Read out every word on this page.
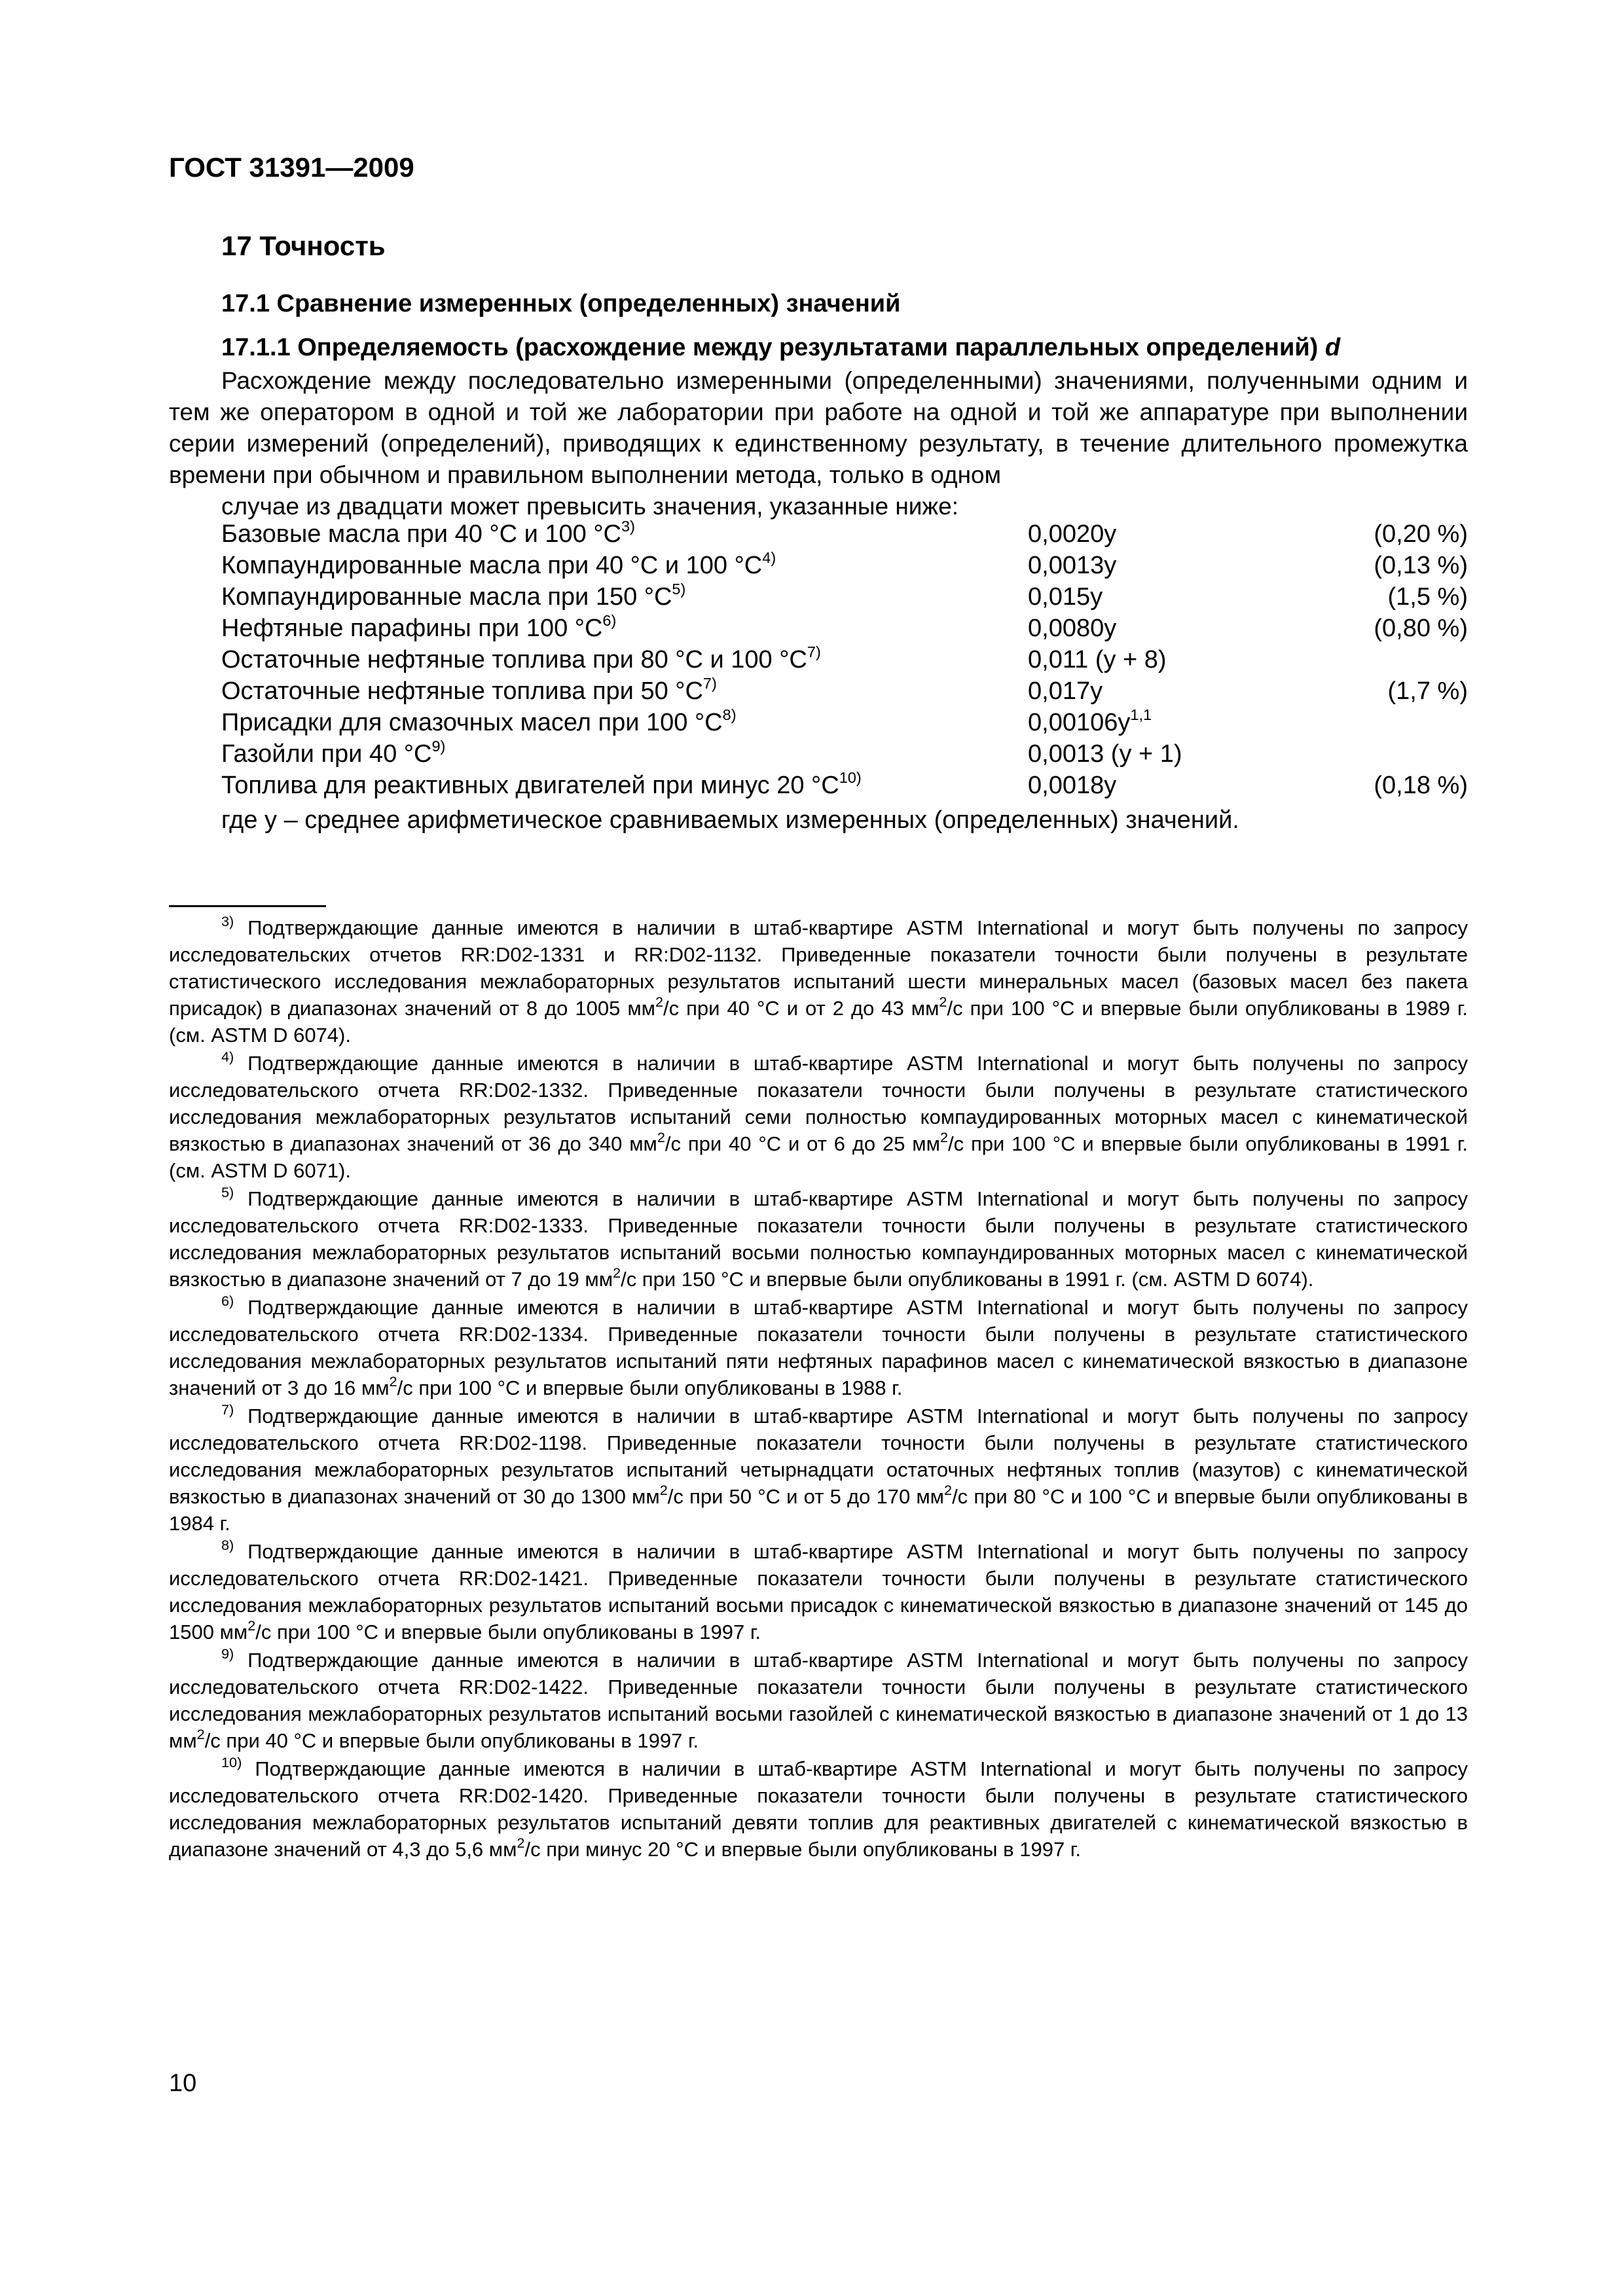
ГОСТ 31391—2009

17 Точность
17.1 Сравнение измеренных (определенных) значений
17.1.1 Определяемость (расхождение между результатами параллельных определений) d

Расхождение между последовательно измеренными (определенными) значениями, полученными одним и тем же оператором в одной и той же лаборатории при работе на одной и той же аппаратуре при выполнении серии измерений (определений), приводящих к единственному результату, в течение длительного промежутка времени при обычном и правильном выполнении метода, только в одном
случае из двадцати может превысить значения, указанные ниже:

Базовые масла при 40 °С и 100 $^\circ С^{3)}$	0,0020y	(0,20 %)
Компаундированные масла при 40 °С и 100 $^\circ С^{4)}$	0,0013y	(0,13 %)
Компаундированные масла при 150 $^\circ С^{5)}$	0,015y	(1,5 %)
Нефтяные парафины при 100 $^\circ С^{6)}$	0,0080y	(0,80 %)
Остаточные нефтяные топлива при 80 °С и 100 $^\circ С^{7)}$	0,011 (y + 8)	
Остаточные нефтяные топлива при 50 $^\circ С^{7)}$	0,017y	(1,7 %)
Присадки для смазочных масел при 100 $^\circ С^{8)}$	$0,00106y^{1,1}$	
Газойли при 40 $^\circ С^{9)}$	0,0013 (y + 1)	
Топлива для реактивных двигателей при минус 20 $^\circ С^{10)}$	0,0018y	(0,18 %)

где y – среднее арифметическое сравниваемых измеренных (определенных) значений.

$^{3)}$ Подтверждающие данные имеются в наличии в штаб-квартире ASTM International и могут быть получены по запросу исследовательских отчетов RR:D02-1331 и RR:D02-1132. Приведенные показатели точности были получены в результате статистического исследования межлабораторных результатов испытаний шести минеральных масел (базовых масел без пакета присадок) в диапазонах значений от 8 до 1005 $мм^2/с$ при 40 °С и от 2 до 43 $мм^2/с$ при 100 °С и впервые были опубликованы в 1989 г. (см. ASTM D 6074).

$^{4)}$ Подтверждающие данные имеются в наличии в штаб-квартире ASTM International и могут быть получены по запросу исследовательского отчета RR:D02-1332. Приведенные показатели точности были получены в результате статистического исследования межлабораторных результатов испытаний семи полностью компаудированных моторных масел с кинематической вязкостью в диапазонах значений от 36 до 340 $мм^2/с$ при 40 °С и от 6 до 25 $мм^2/с$ при 100 °С и впервые были опубликованы в 1991 г. (см. ASTM D 6071).

$^{5)}$ Подтверждающие данные имеются в наличии в штаб-квартире ASTM International и могут быть получены по запросу исследовательского отчета RR:D02-1333. Приведенные показатели точности были получены в результате статистического исследования межлабораторных результатов испытаний восьми полностью компаундированных моторных масел с кинематической вязкостью в диапазоне значений от 7 до 19 $мм^2/с$ при 150 °С и впервые были опубликованы в 1991 г. (см. ASTM D 6074).

$^{6)}$ Подтверждающие данные имеются в наличии в штаб-квартире ASTM International и могут быть получены по запросу исследовательского отчета RR:D02-1334. Приведенные показатели точности были получены в результате статистического исследования межлабораторных результатов испытаний пяти нефтяных парафинов масел с кинематической вязкостью в диапазоне значений от 3 до 16 $мм^2/с$ при 100 °С и впервые были опубликованы в 1988 г.

$^{7)}$ Подтверждающие данные имеются в наличии в штаб-квартире ASTM International и могут быть получены по запросу исследовательского отчета RR:D02-1198. Приведенные показатели точности были получены в результате статистического исследования межлабораторных результатов испытаний четырнадцати остаточных нефтяных топлив (мазутов) с кинематической вязкостью в диапазонах значений от 30 до 1300 $мм^2/с$ при 50 °С и от 5 до 170 $мм^2/с$ при 80 °С и 100 °С и впервые были опубликованы в 1984 г.

$^{8)}$ Подтверждающие данные имеются в наличии в штаб-квартире ASTM International и могут быть получены по запросу исследовательского отчета RR:D02-1421. Приведенные показатели точности были получены в результате статистического исследования межлабораторных результатов испытаний восьми присадок с кинематической вязкостью в диапазоне значений от 145 до 1500 $мм^2/с$ при 100 °С и впервые были опубликованы в 1997 г.

$^{9)}$ Подтверждающие данные имеются в наличии в штаб-квартире ASTM International и могут быть получены по запросу исследовательского отчета RR:D02-1422. Приведенные показатели точности были получены в результате статистического исследования межлабораторных результатов испытаний восьми газойлей с кинематической вязкостью в диапазоне значений от 1 до 13 $мм^2/с$ при 40 °С и впервые были опубликованы в 1997 г.

$^{10)}$ Подтверждающие данные имеются в наличии в штаб-квартире ASTM International и могут быть получены по запросу исследовательского отчета RR:D02-1420. Приведенные показатели точности были получены в результате статистического исследования межлабораторных результатов испытаний девяти топлив для реактивных двигателей с кинематической вязкостью в диапазоне значений от 4,3 до 5,6 $мм^2/с$ при минус 20 °С и впервые были опубликованы в 1997 г.

10
